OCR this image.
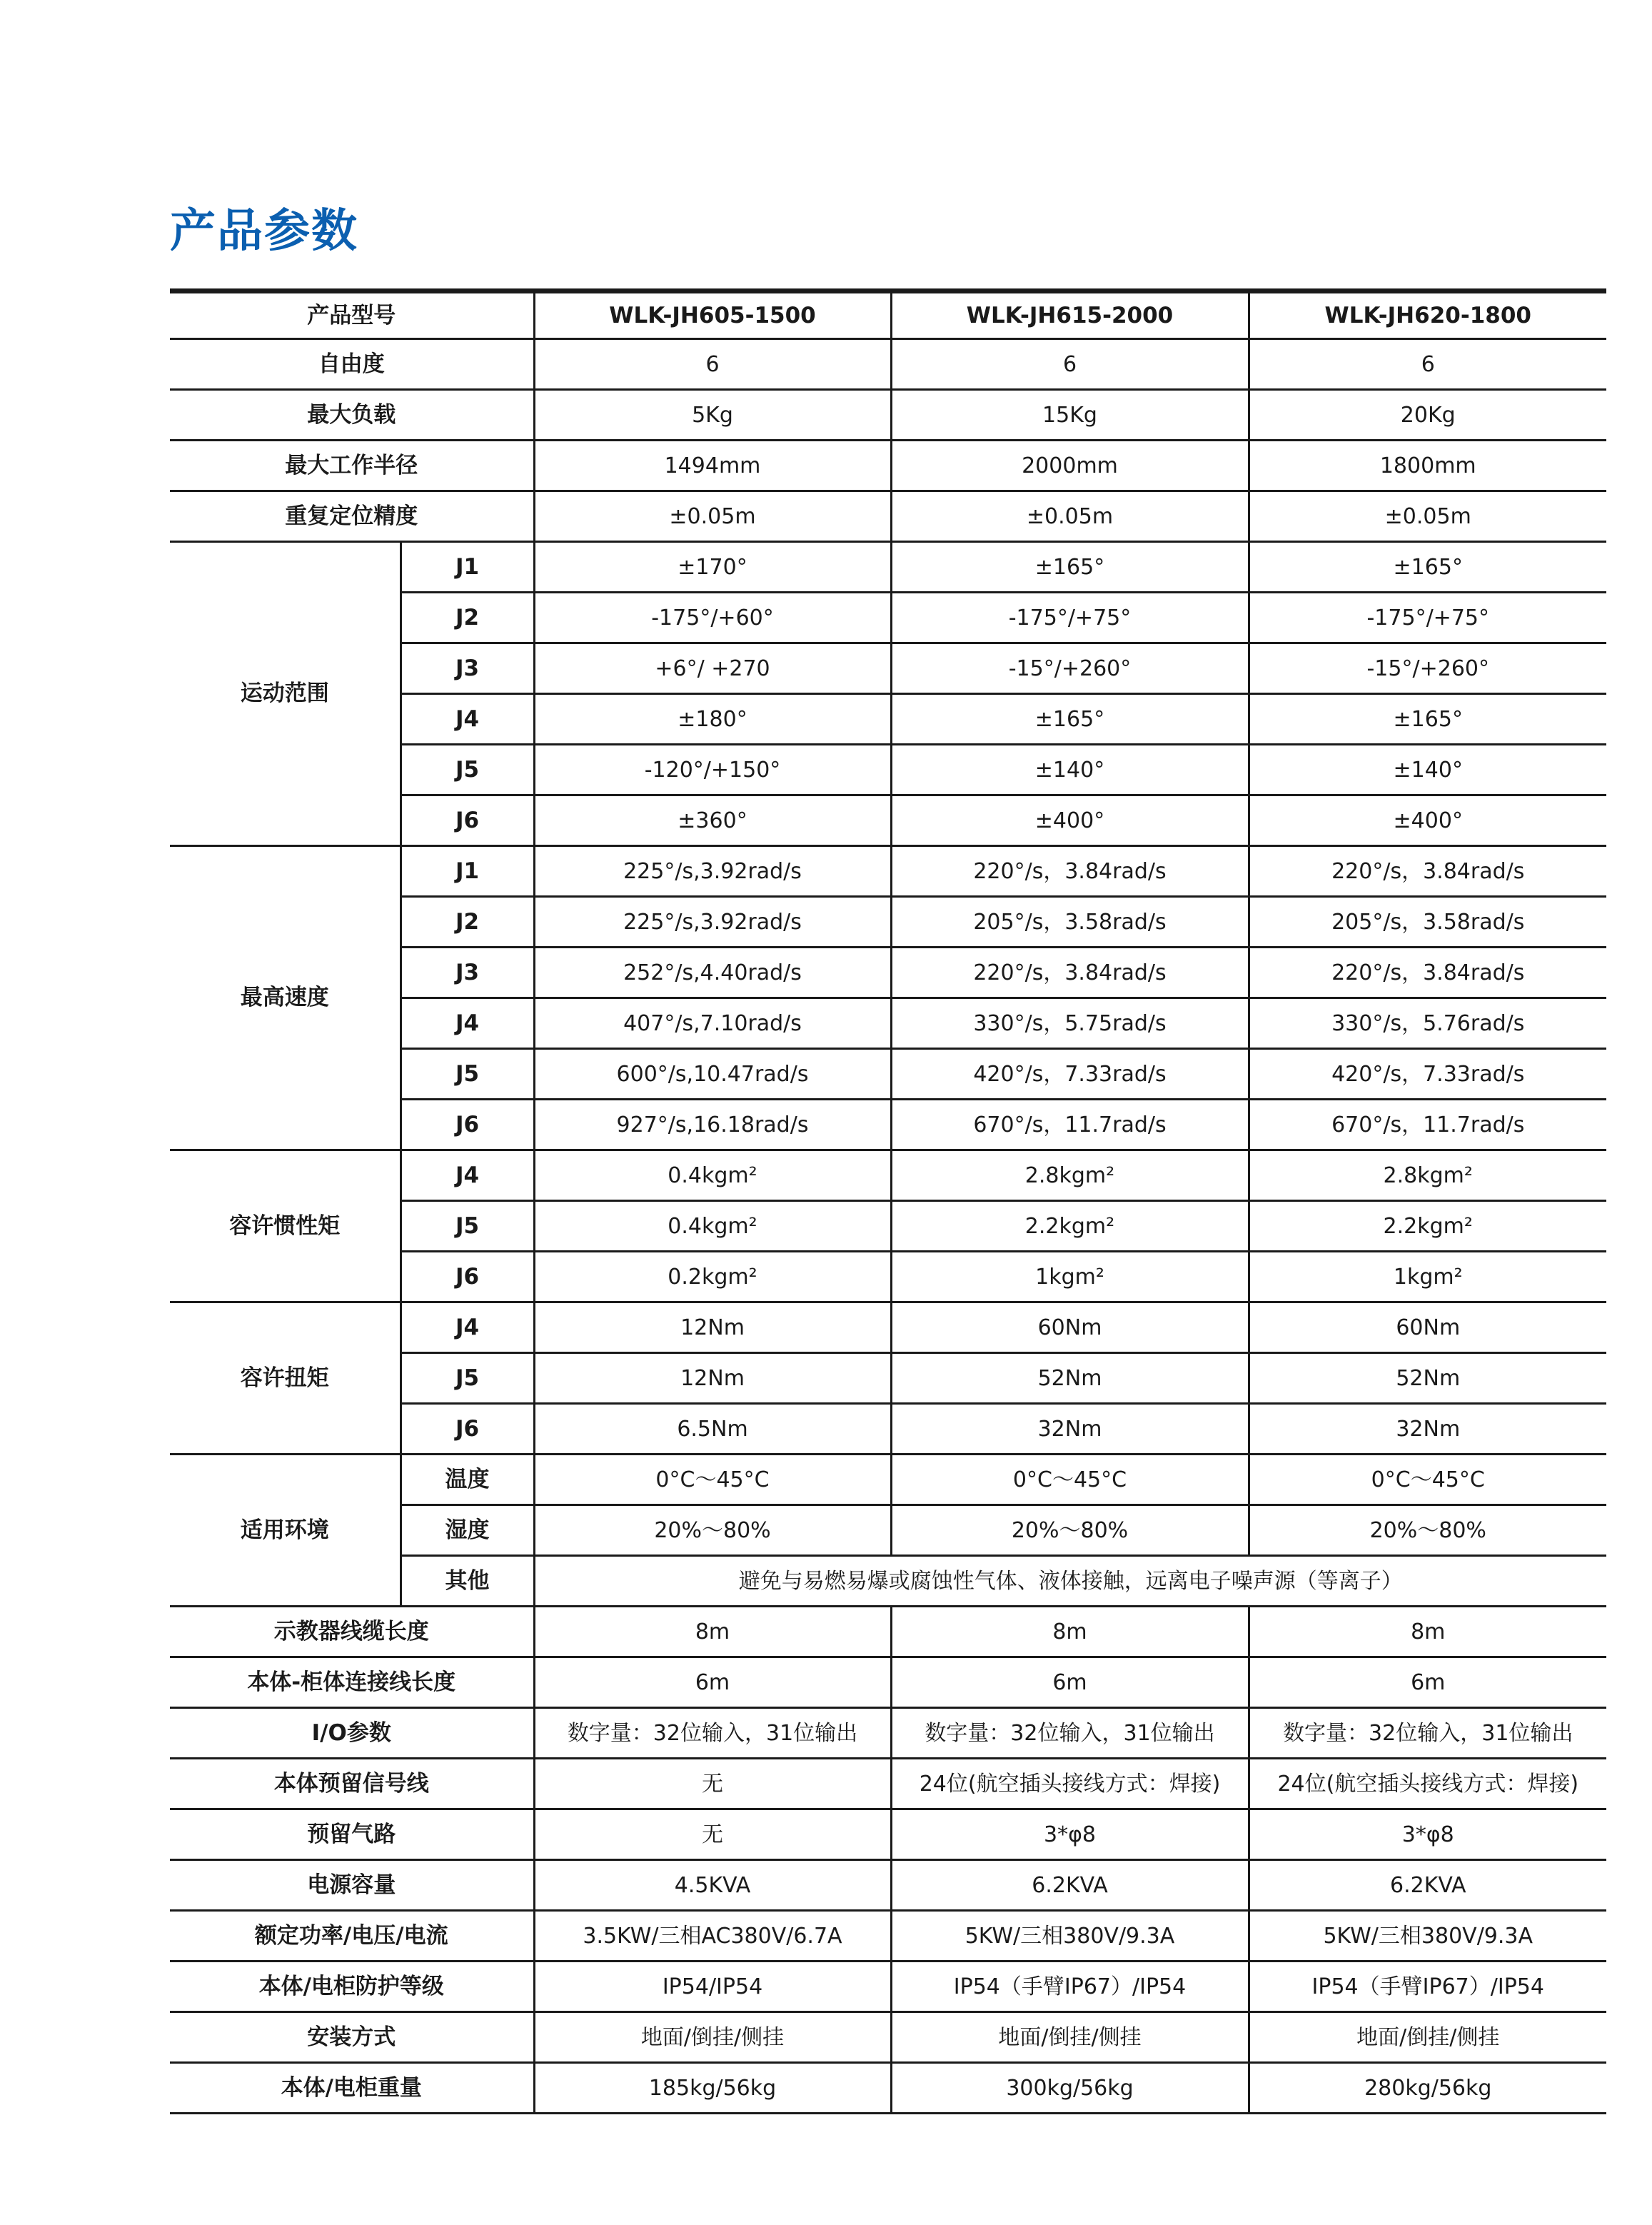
产品参数
产品型号		WLK-JH605-1500	WLK-JH615-2000	WLK-JH620-1800
自由度		6	6	6
最大负载		5Kg	15Kg	20Kg
最大工作半径		1494mm	2000mm	1800mm
重复定位精度		±0.05m	±0.05m	±0.05m
运动范围	J1	±170°	±165°	±165°
	J2	-175°/+60°	-175°/+75°	-175°/+75°
	J3	+6°/ +270	-15°/+260°	-15°/+260°
	J4	±180°	±165°	±165°
	J5	-120°/+150°	±140°	±140°
	J6	±360°	±400°	±400°
最高速度	J1	225°/s,3.92rad/s	220°/s，3.84rad/s	220°/s，3.84rad/s
	J2	225°/s,3.92rad/s	205°/s，3.58rad/s	205°/s，3.58rad/s
	J3	252°/s,4.40rad/s	220°/s，3.84rad/s	220°/s，3.84rad/s
	J4	407°/s,7.10rad/s	330°/s，5.75rad/s	330°/s，5.76rad/s
	J5	600°/s,10.47rad/s	420°/s，7.33rad/s	420°/s，7.33rad/s
	J6	927°/s,16.18rad/s	670°/s，11.7rad/s	670°/s，11.7rad/s
容许惯性矩	J4	0.4kgm²	2.8kgm²	2.8kgm²
	J5	0.4kgm²	2.2kgm²	2.2kgm²
	J6	0.2kgm²	1kgm²	1kgm²
容许扭矩	J4	12Nm	60Nm	60Nm
	J5	12Nm	52Nm	52Nm
	J6	6.5Nm	32Nm	32Nm
适用环境	温度	0°C～45°C	0°C～45°C	0°C～45°C
	湿度	20%～80%	20%～80%	20%～80%
	其他	避免与易燃易爆或腐蚀性气体、液体接触，远离电子噪声源（等离子）		
示教器线缆长度		8m	8m	8m
本体-柜体连接线长度		6m	6m	6m
I/O参数		数字量：32位输入，31位输出	数字量：32位输入，31位输出	数字量：32位输入，31位输出
本体预留信号线		无	24位(航空插头接线方式：焊接)	24位(航空插头接线方式：焊接)
预留气路		无	3*φ8	3*φ8
电源容量		4.5KVA	6.2KVA	6.2KVA
额定功率/电压/电流		3.5KW/三相AC380V/6.7A	5KW/三相380V/9.3A	5KW/三相380V/9.3A
本体/电柜防护等级		IP54/IP54	IP54（手臂IP67）/IP54	IP54（手臂IP67）/IP54
安装方式		地面/倒挂/侧挂	地面/倒挂/侧挂	地面/倒挂/侧挂
本体/电柜重量		185kg/56kg	300kg/56kg	280kg/56kg
